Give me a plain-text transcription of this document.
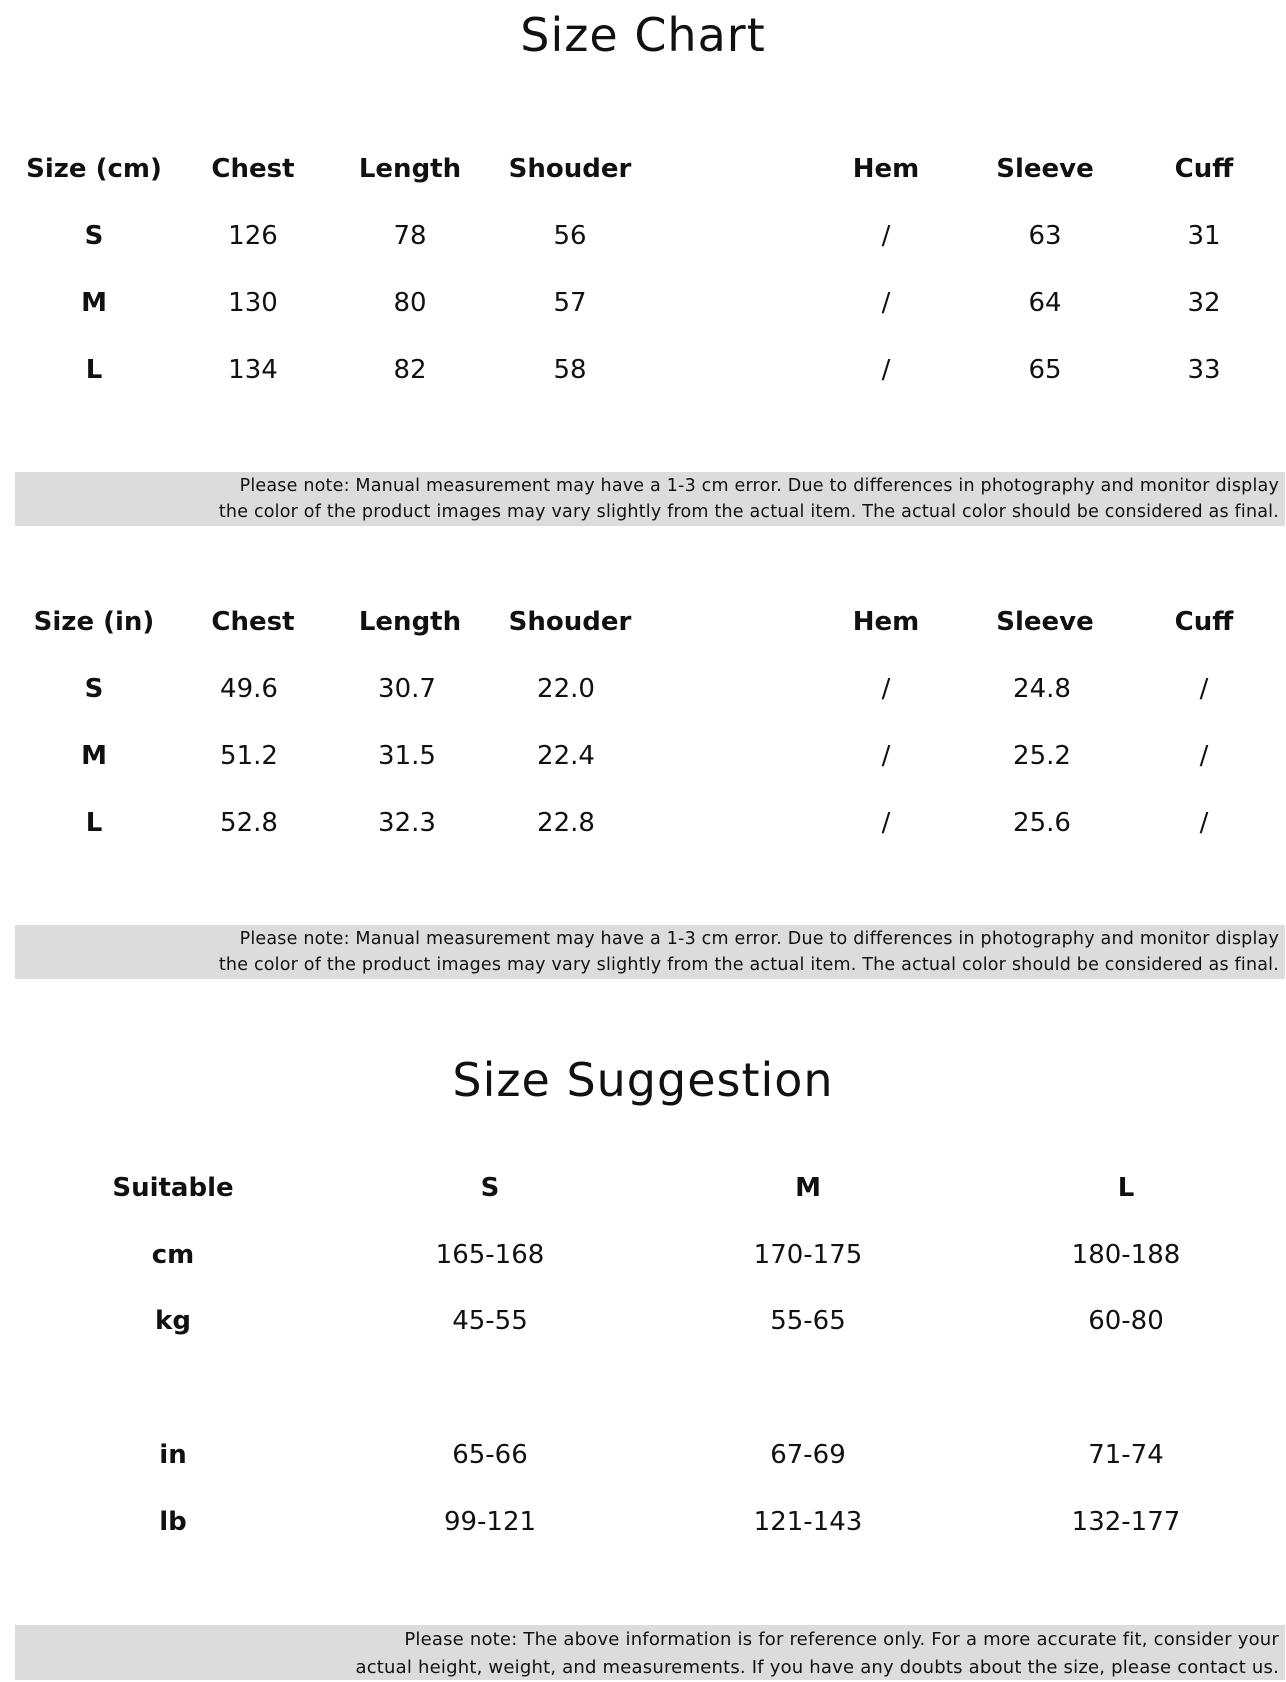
Size Chart
Size (cm)	Chest	Length	Shouder	Hem	Sleeve	Cuff
S	126	78	56	/	63	31
M	130	80	57	/	64	32
L	134	82	58	/	65	33
Please note: Manual measurement may have a 1-3 cm error. Due to differences in photography and monitor display
the color of the product images may vary slightly from the actual item. The actual color should be considered as final.
Size (in)	Chest	Length	Shouder	Hem	Sleeve	Cuff
S	49.6	30.7	22.0	/	24.8	/
M	51.2	31.5	22.4	/	25.2	/
L	52.8	32.3	22.8	/	25.6	/
Please note: Manual measurement may have a 1-3 cm error. Due to differences in photography and monitor display
the color of the product images may vary slightly from the actual item. The actual color should be considered as final.
Size Suggestion
Suitable	S	M	L
cm	165-168	170-175	180-188
kg	45-55	55-65	60-80
in	65-66	67-69	71-74
lb	99-121	121-143	132-177
Please note: The above information is for reference only. For a more accurate fit, consider your
actual height, weight, and measurements. If you have any doubts about the size, please contact us.
